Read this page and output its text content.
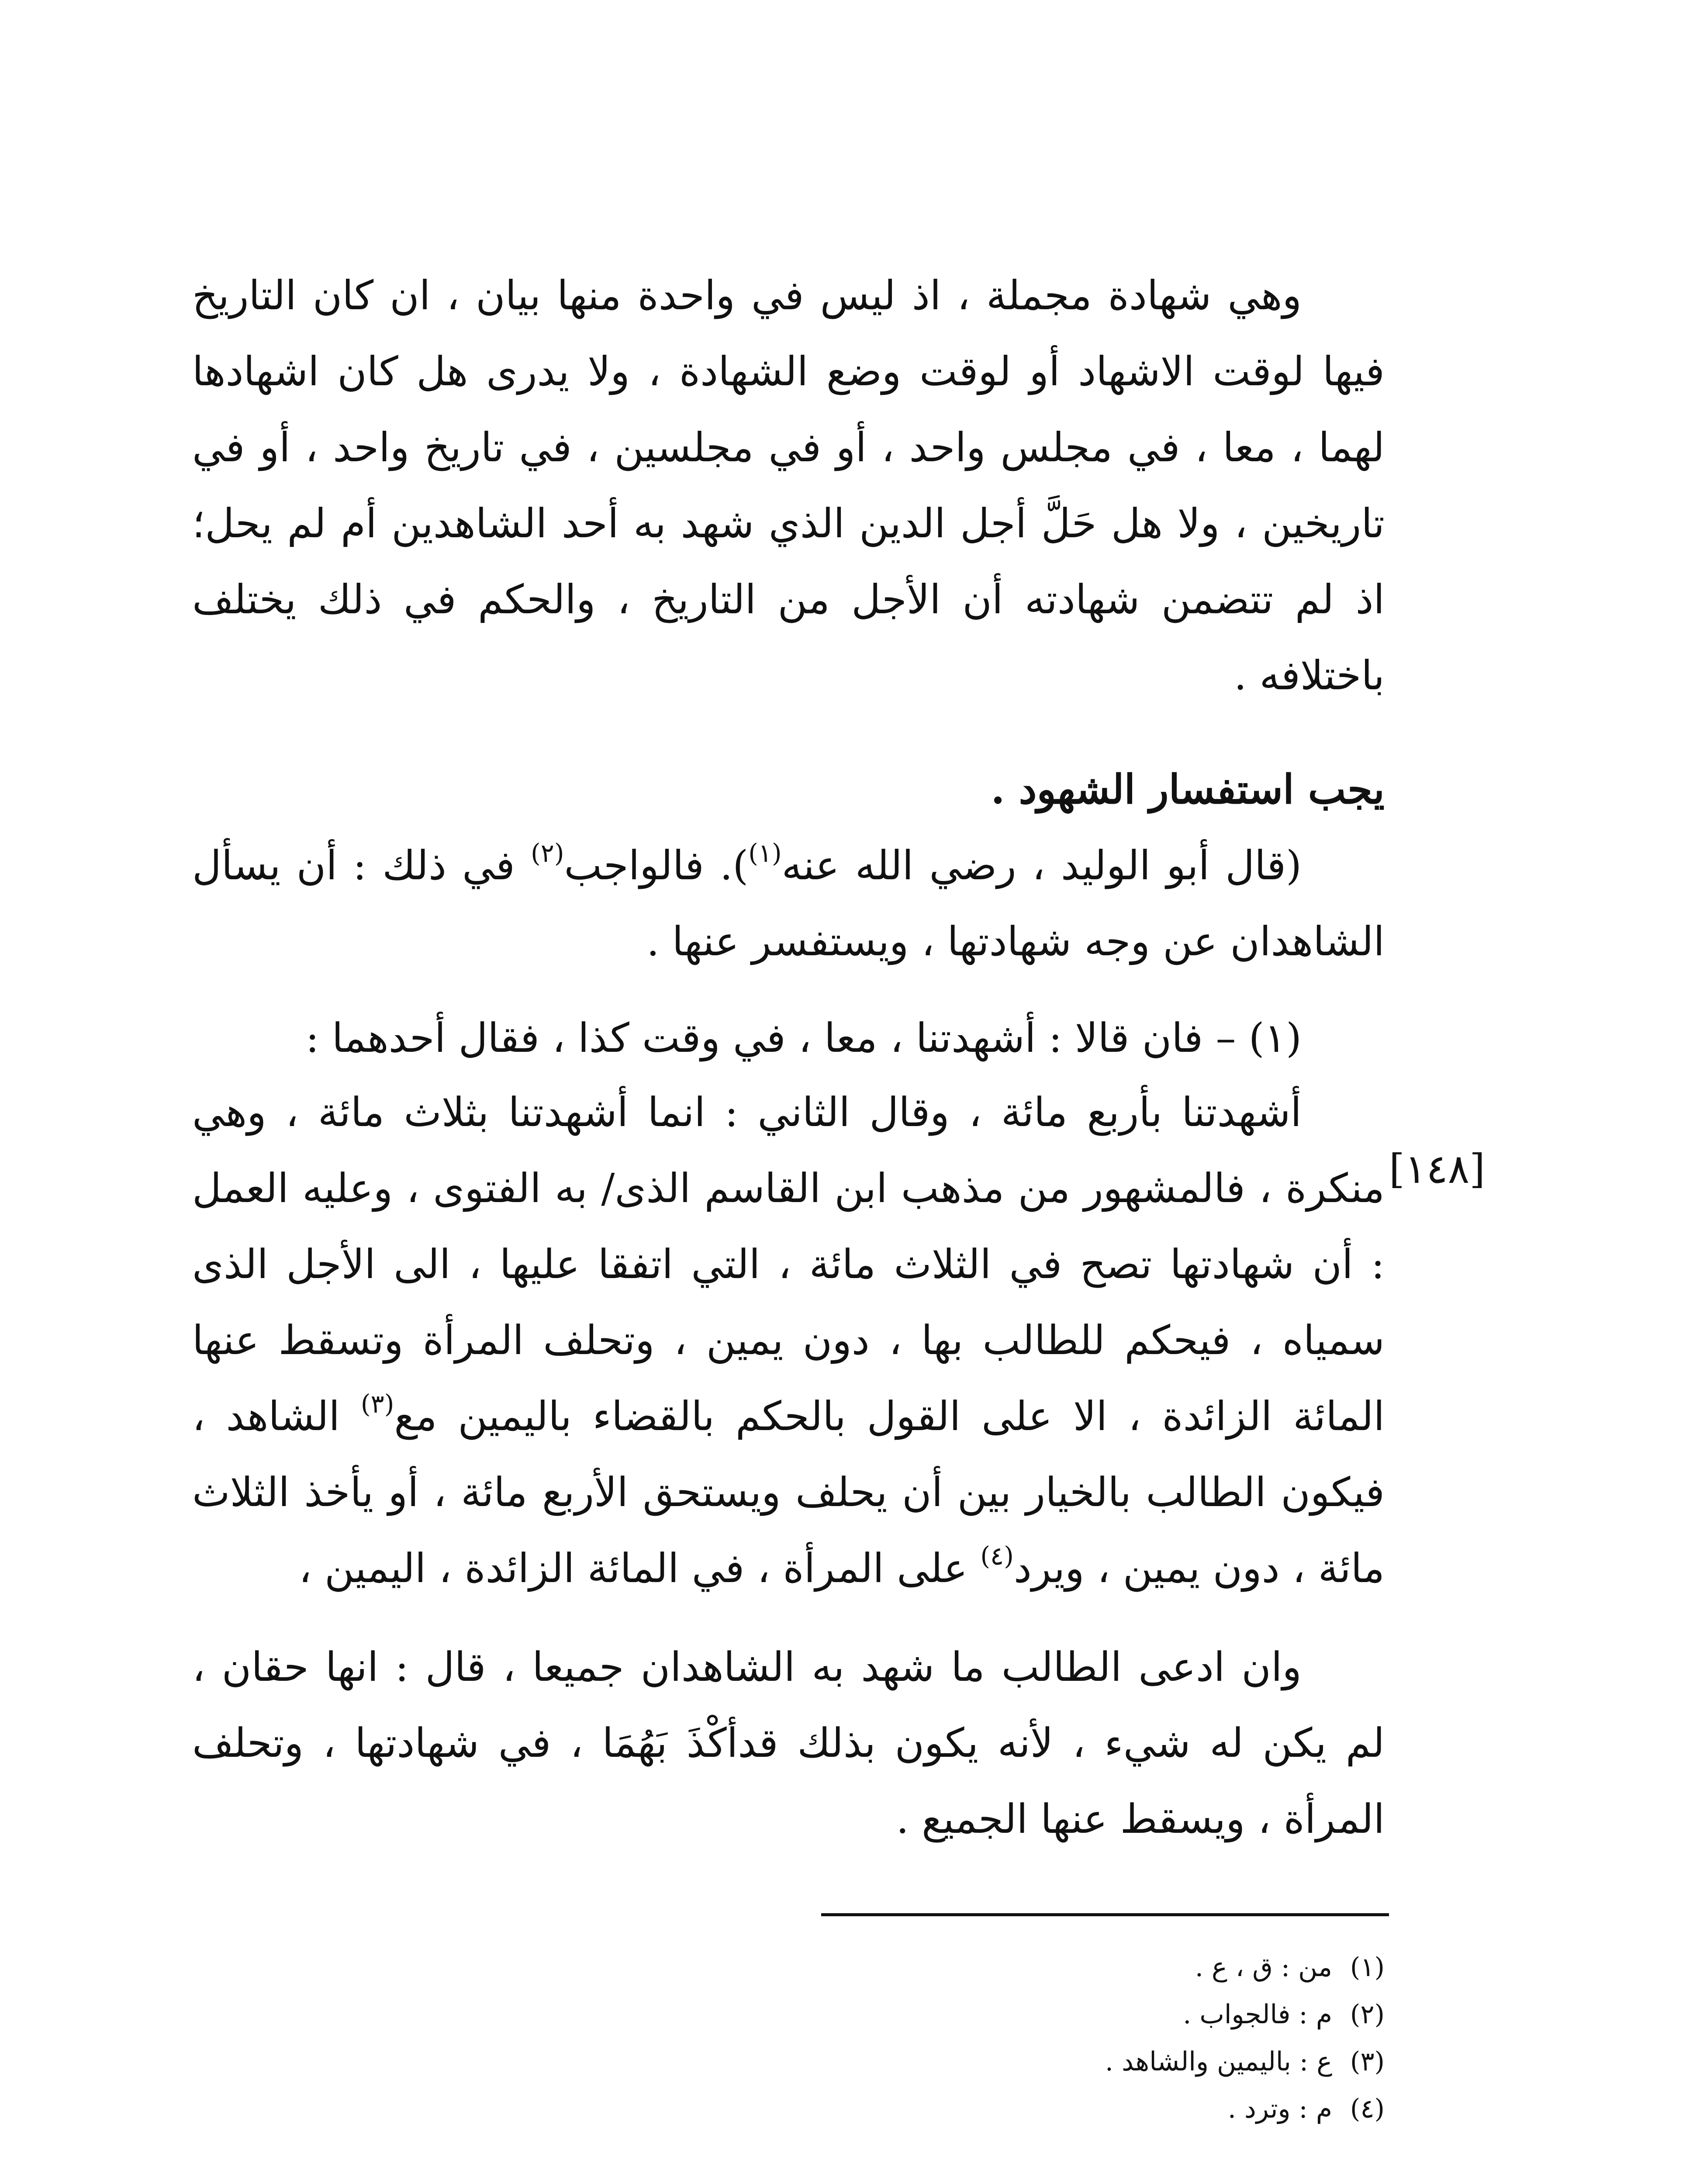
وهي شهادة مجملة ، اذ ليس في واحدة منها بيان ، ان كان التاريخ فيها لوقت الاشهاد أو لوقت وضع الشهادة ، ولا يدرى هل كان اشهادها لهما ، معا ، في مجلس واحد ، أو في مجلسين ، في تاريخ واحد ، أو في تاريخين ، ولا هل حَلَّ أجل الدين الذي شهد به أحد الشاهدين أم لم يحل؛ اذ لم تتضمن شهادته أن الأجل من التاريخ ، والحكم في ذلك يختلف باختلافه .

يجب استفسار الشهود .

(قال أبو الوليد ، رضي الله عنه$^{(١)}$). فالواجب$^{(٢)}$ في ذلك : أن يسأل الشاهدان عن وجه شهادتها ، ويستفسر عنها .

(١) – فان قالا : أشهدتنا ، معا ، في وقت كذا ، فقال أحدهما :

أشهدتنا بأربع مائة ، وقال الثاني : انما أشهدتنا بثلاث مائة ، وهي منكرة ، فالمشهور من مذهب ابن القاسم الذى/ به الفتوى ، وعليه العمل : أن شهادتها تصح في الثلاث مائة ، التي اتفقا عليها ، الى الأجل الذى سمياه ، فيحكم للطالب بها ، دون يمين ، وتحلف المرأة وتسقط عنها المائة الزائدة ، الا على القول بالحكم بالقضاء باليمين مع$^{(٣)}$ الشاهد ، فيكون الطالب بالخيار بين أن يحلف ويستحق الأربع مائة ، أو يأخذ الثلاث مائة ، دون يمين ، ويرد$^{(٤)}$ على المرأة ، في المائة الزائدة ، اليمين ،

[١٤٨]

وان ادعى الطالب ما شهد به الشاهدان جميعا ، قال : انها حقان ، لم يكن له شيء ، لأنه يكون بذلك قدأكْذَ بَهُمَا ، في شهادتها ، وتحلف المرأة ، ويسقط عنها الجميع .

(١)من : ق ، ع .
(٢)م : فالجواب .
(٣)ع : باليمين والشاهد .
(٤)م : وترد .
